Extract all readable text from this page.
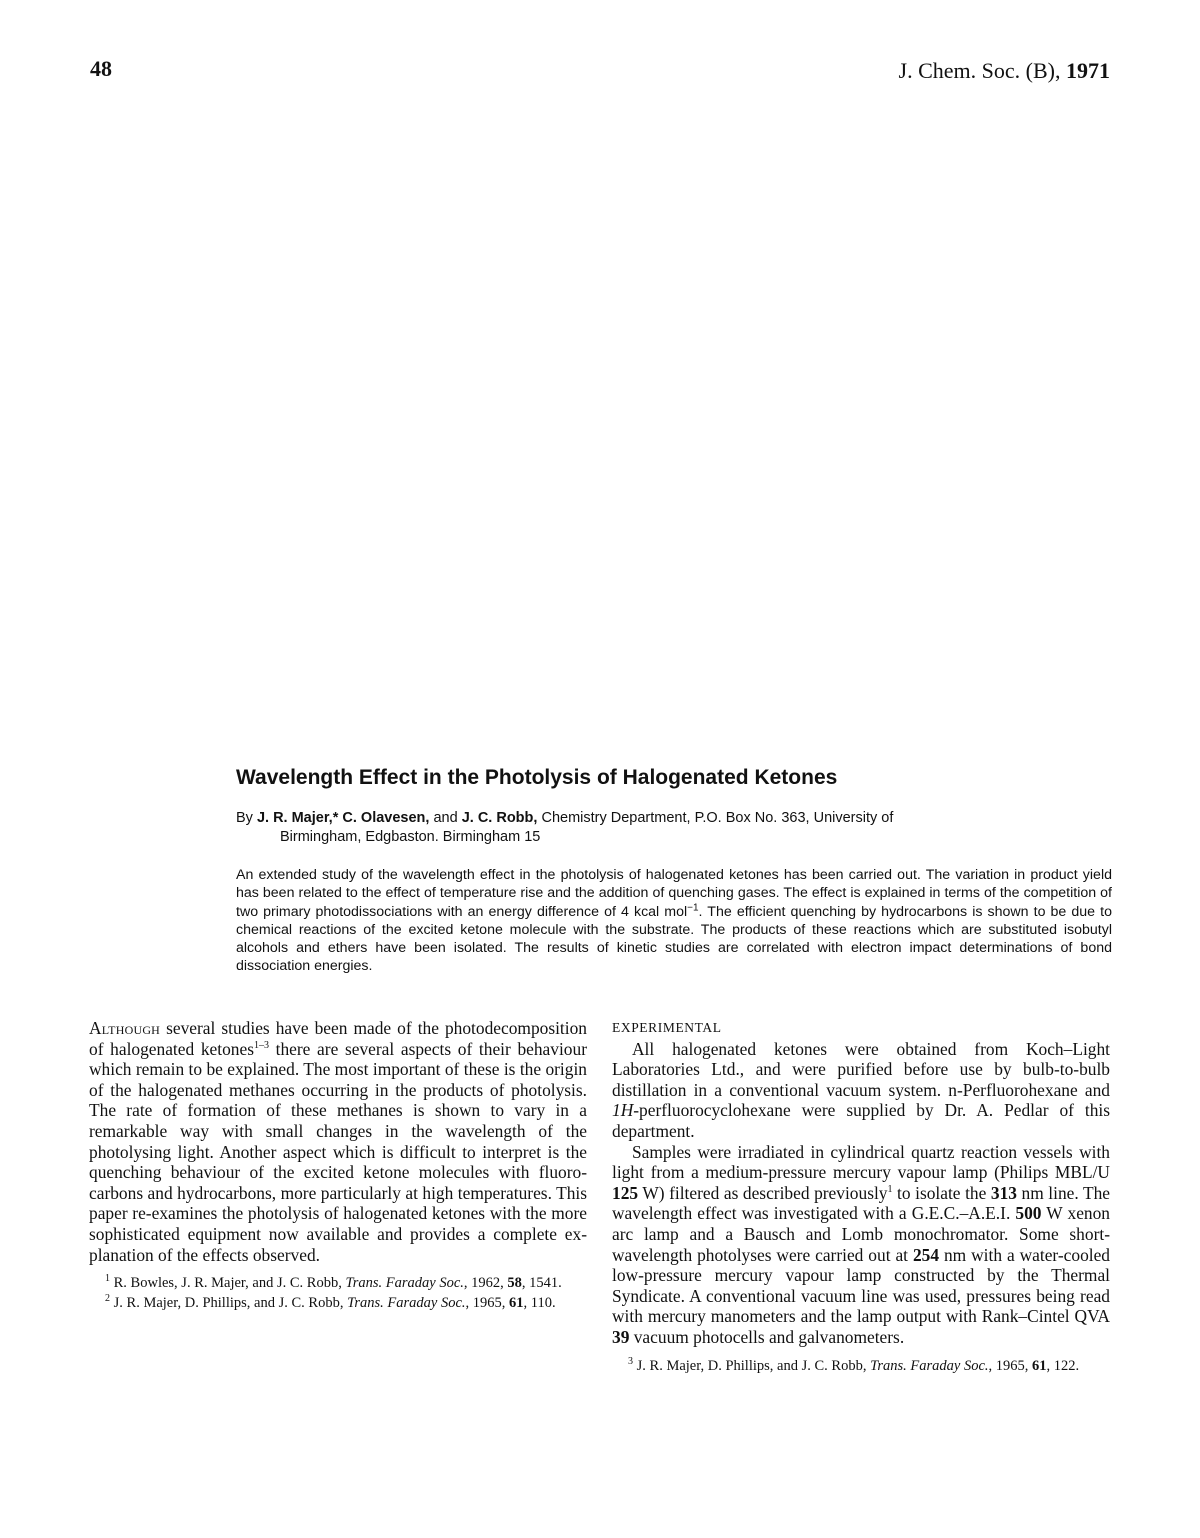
48	J. Chem. Soc. (B), 1971
Wavelength Effect in the Photolysis of Halogenated Ketones
By J. R. Majer,* C. Olavesen, and J. C. Robb, Chemistry Department, P.O. Box No. 363, University of
Birmingham, Edgbaston. Birmingham 15
An extended study of the wavelength effect in the photolysis of halogenated ketones has been carried out. The variation in product yield has been related to the effect of temperature rise and the addition of quenching gases. The effect is explained in terms of the competition of two primary photodissociations with an energy difference of 4 kcal mol$^{-1}$. The efficient quenching by hydrocarbons is shown to be due to chemical reactions of the excited ketone molecule with the substrate. The products of these reactions which are substituted isobutyl alcohols and ethers have been isolated. The results of kinetic studies are correlated with electron impact determinations of bond dissociation energies.

Although several studies have been made of the photodecomposition of halogenated ketones$^{1-3}$ there are several aspects of their behaviour which remain to be explained. The most important of these is the origin of the halogenated methanes occurring in the products of photolysis. The rate of formation of these methanes is shown to vary in a remarkable way with small changes in the wavelength of the photolysing light. Another aspect which is difficult to interpret is the quenching behaviour of the excited ketone molecules with fluorocarbons and hydrocarbons, more particularly at high temperatures. This paper re-examines the photolysis of halogenated ketones with the more sophisticated equipment now available and provides a complete explanation of the effects observed.

$^1$ R. Bowles, J. R. Majer, and J. C. Robb, Trans. Faraday Soc., 1962, 58, 1541.

$^2$ J. R. Majer, D. Phillips, and J. C. Robb, Trans. Faraday Soc., 1965, 61, 110.

EXPERIMENTAL

All halogenated ketones were obtained from Koch–Light Laboratories Ltd., and were purified before use by bulb-to-bulb distillation in a conventional vacuum system. n-Perfluorohexane and 1H-perfluorocyclohexane were supplied by Dr. A. Pedlar of this department.

Samples were irradiated in cylindrical quartz reaction vessels with light from a medium-pressure mercury vapour lamp (Philips MBL/U 125 W) filtered as described previously$^1$ to isolate the 313 nm line. The wavelength effect was investigated with a G.E.C.–A.E.I. 500 W xenon arc lamp and a Bausch and Lomb monochromator. Some short-wavelength photolyses were carried out at 254 nm with a water-cooled low-pressure mercury vapour lamp constructed by the Thermal Syndicate. A conventional vacuum line was used, pressures being read with mercury manometers and the lamp output with Rank–Cintel QVA 39 vacuum photocells and galvanometers.

$^3$ J. R. Majer, D. Phillips, and J. C. Robb, Trans. Faraday Soc., 1965, 61, 122.
